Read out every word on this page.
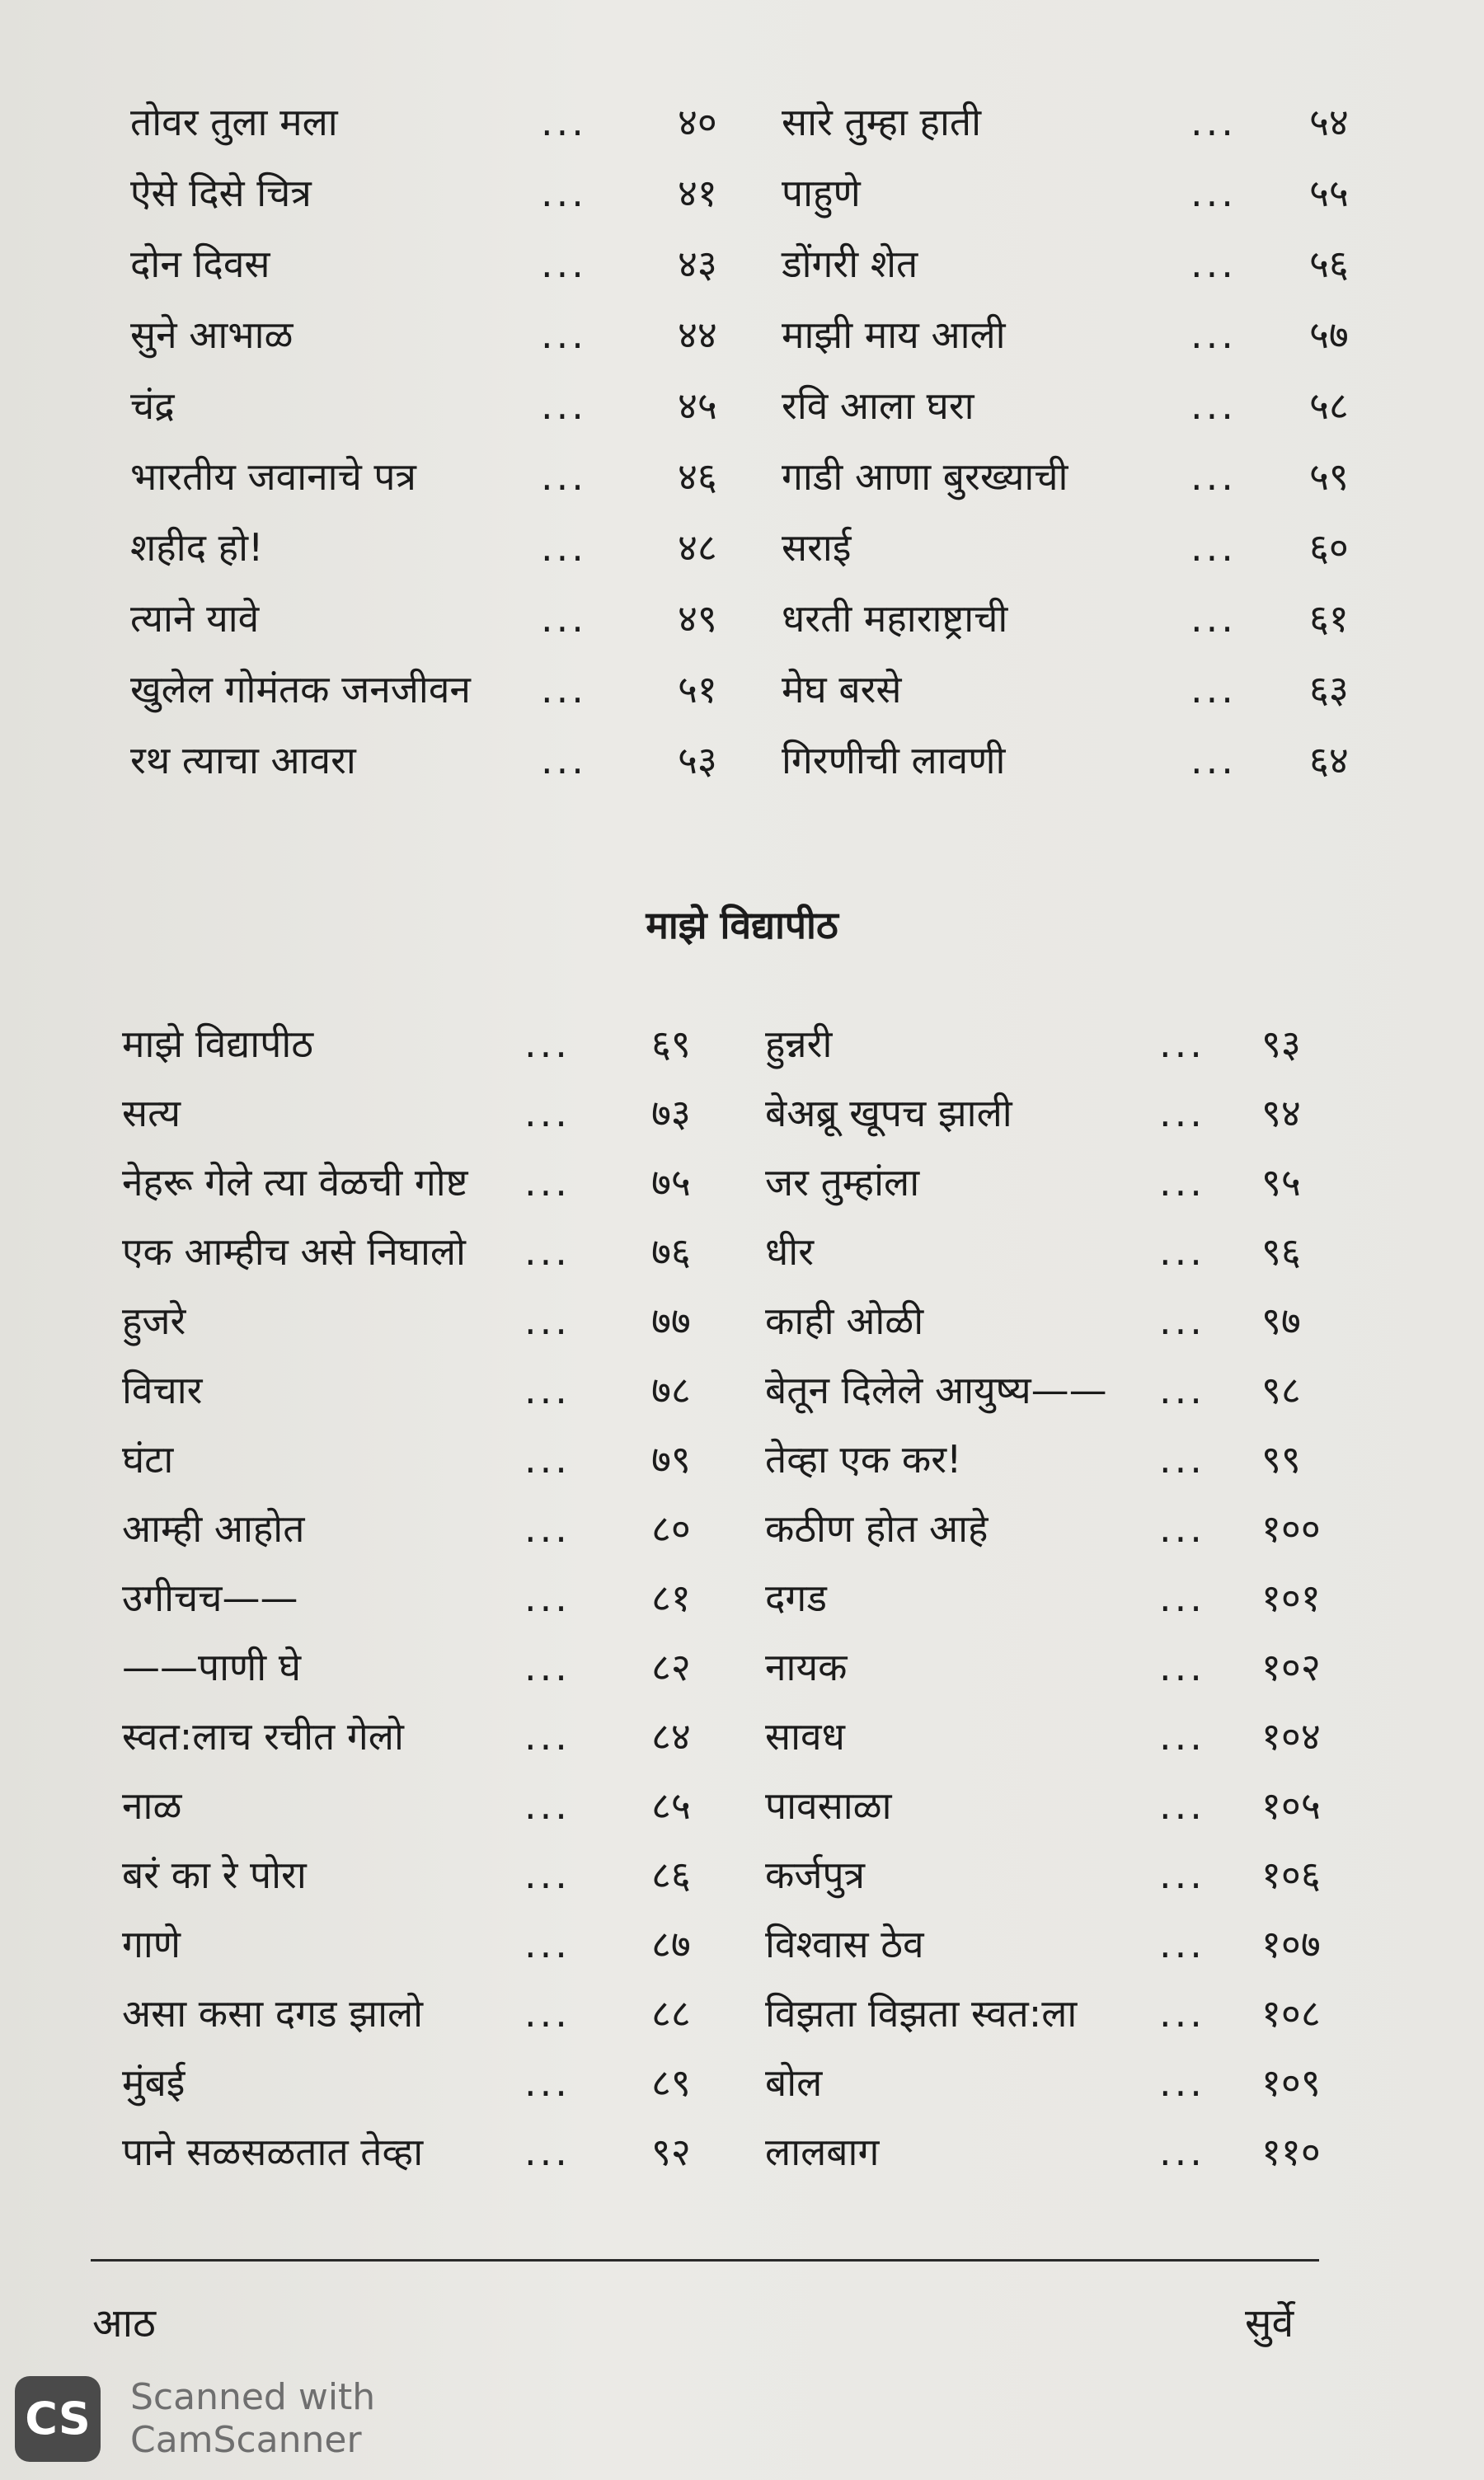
तोवर तुला मला	... ४० सारे तुम्हा हाती	... ५४
ऐसे दिसे चित्र	... ४१ पाहुणे	... ५५
दोन दिवस	... ४३ डोंगरी शेत	... ५६
सुने आभाळ	... ४४ माझी माय आली	... ५७
चंद्र	... ४५ रवि आला घरा	... ५८
भारतीय जवानाचे पत्र	... ४६ गाडी आणा बुरख्याची	... ५९
शहीद हो!	... ४८ सराई	... ६०
त्याने यावे	... ४९ धरती महाराष्ट्राची	... ६१
खुलेल गोमंतक जनजीवन ... ५१ मेघ बरसे	... ६३
रथ त्याचा आवरा	... ५३ गिरणीची लावणी	... ६४
माझे विद्यापीठ
माझे विद्यापीठ	... ६९ हुन्नरी	... ९३
सत्य	... ७३ बेअब्रू खूपच झाली	... ९४
नेहरू गेले त्या वेळची गोष्ट ... ७५ जर तुम्हांला	... ९५
एक आम्हीच असे निघालो ... ७६ धीर	... ९६
हुजरे	... ७७ काही ओळी	... ९७
विचार	... ७८ बेतून दिलेले आयुष्य—— ... ९८
घंटा	... ७९ तेव्हा एक कर!	... ९९
आम्ही आहोत	... ८० कठीण होत आहे	... १००
उगीचच——	... ८१ दगड	... १०१
——पाणी घे	... ८२ नायक	... १०२
स्वत:लाच रचीत गेलो	... ८४ सावध	... १०४
नाळ	... ८५ पावसाळा	... १०५
बरं का रे पोरा	... ८६ कर्जपुत्र	... १०६
गाणे	... ८७ विश्वास ठेव	... १०७
असा कसा दगड झालो	... ८८ विझता विझता स्वत:ला ... १०८
मुंबई	... ८९ बोल	... १०९
पाने सळसळतात तेव्हा	... ९२ लालबाग	... ११०
आठ	सुर्वे
CS Scanned with
CamScanner
